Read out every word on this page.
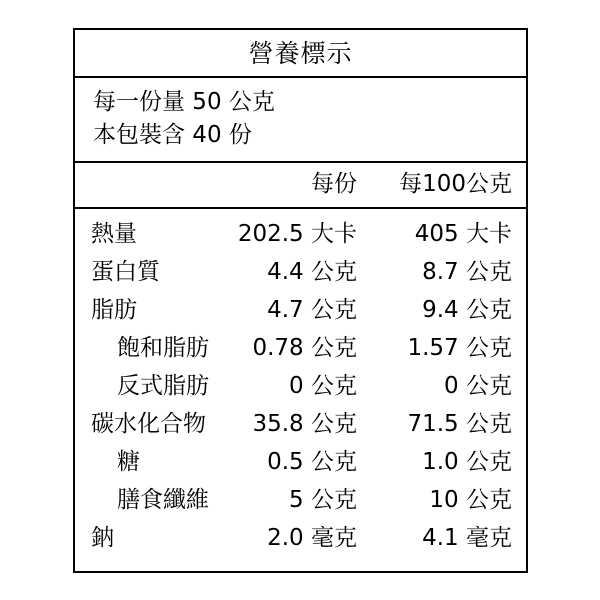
營養標示
每一份量 50 公克
本包裝含 40 份
每份	每100公克
熱量	202.5 大卡	405 大卡
蛋白質	4.4 公克	8.7 公克
脂肪	4.7 公克	9.4 公克
飽和脂肪	0.78 公克	1.57 公克
反式脂肪	0 公克	0 公克
碳水化合物	35.8 公克	71.5 公克
糖	0.5 公克	1.0 公克
膳食纖維	5 公克	10 公克
鈉	2.0 毫克	4.1 毫克
